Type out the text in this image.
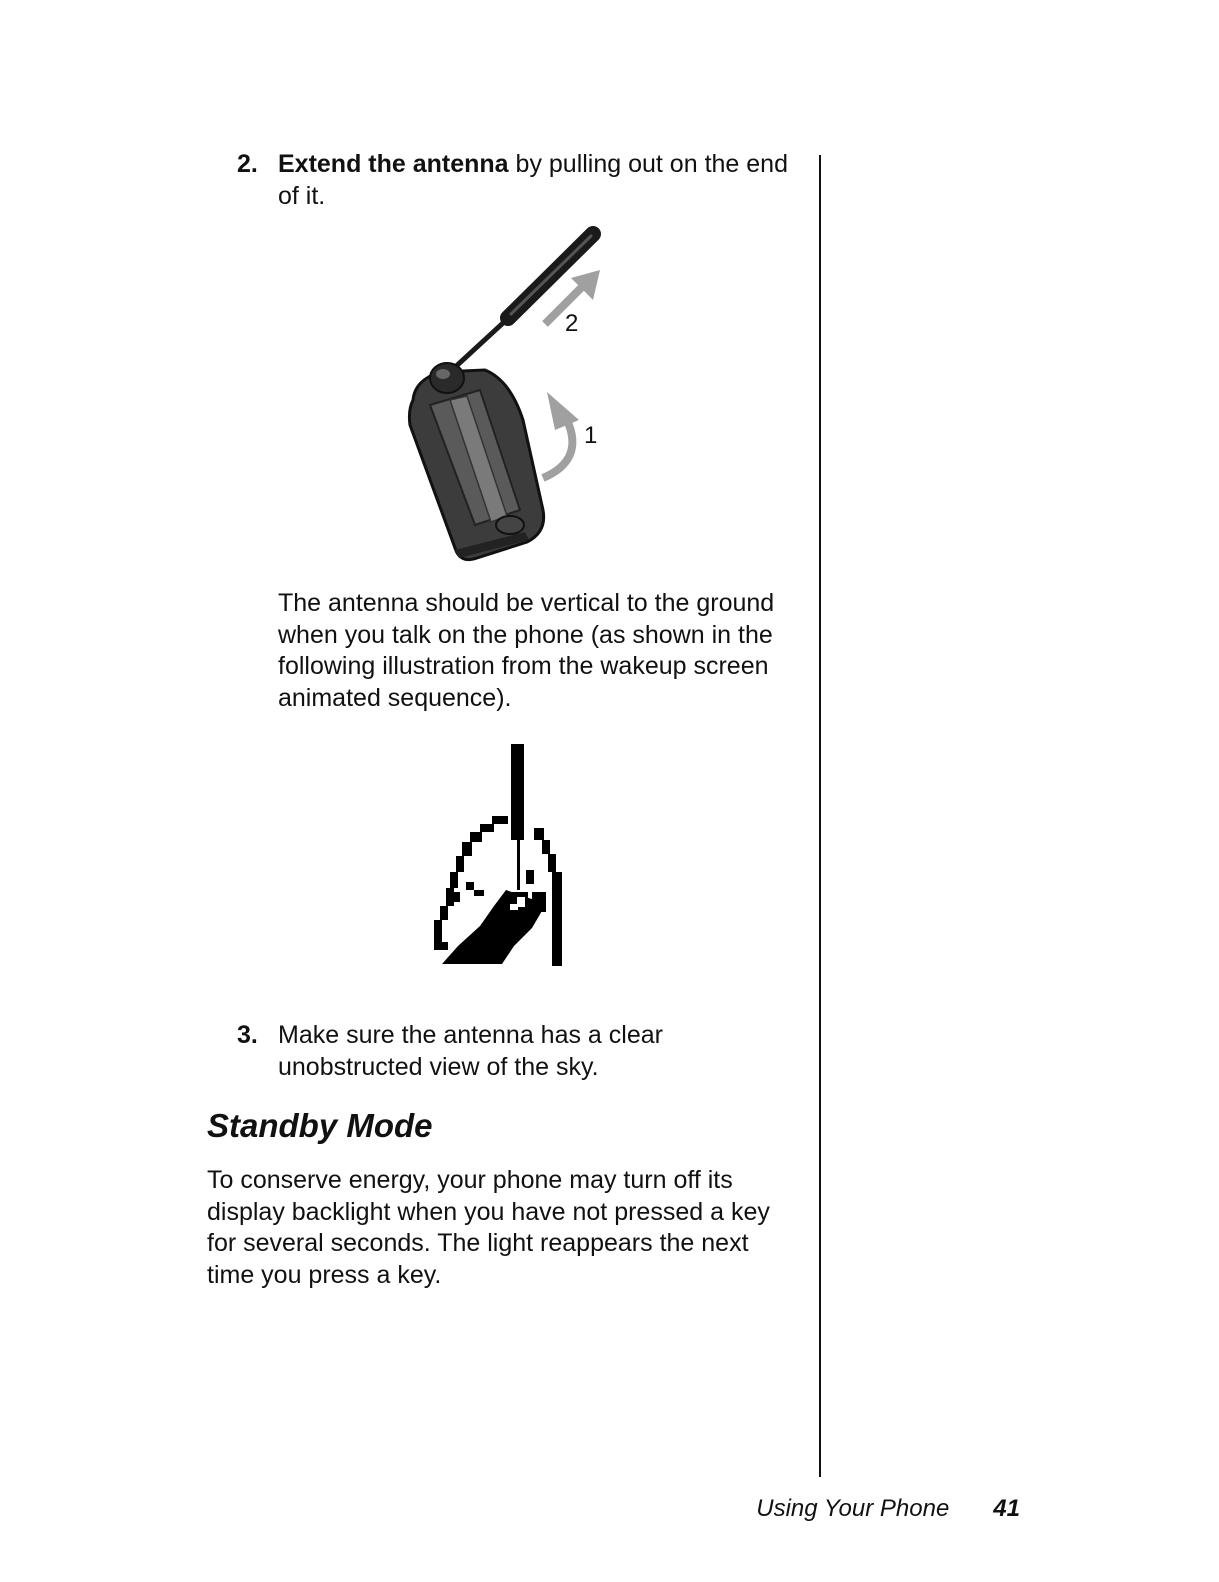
2. Extend the antenna by pulling out on the end of it.
2
1
The antenna should be vertical to the ground when you talk on the phone (as shown in the following illustration from the wakeup screen animated sequence).
3. Make sure the antenna has a clear unobstructed view of the sky.
Standby Mode
To conserve energy, your phone may turn off its display backlight when you have not pressed a key for several seconds. The light reappears the next time you press a key.
Using Your Phone 41
